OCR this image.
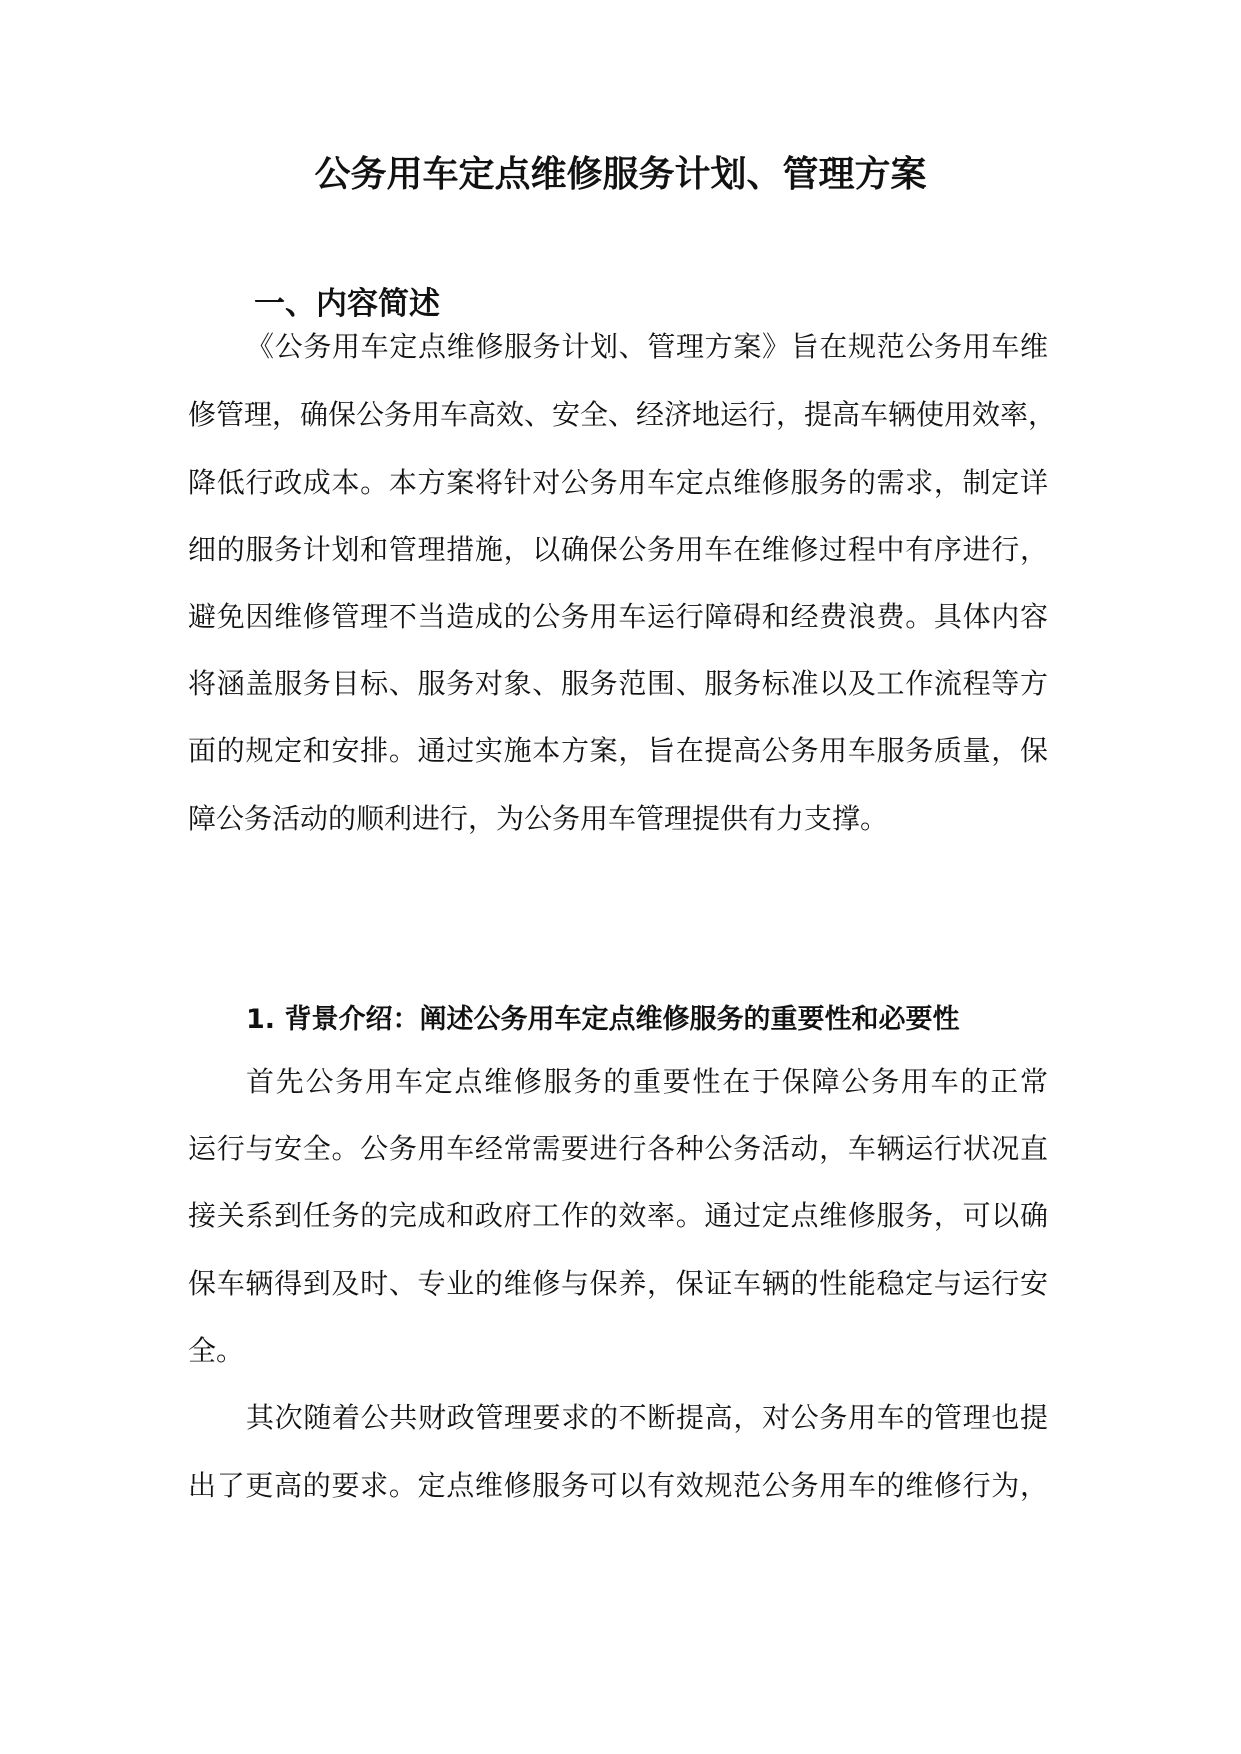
公务用车定点维修服务计划、管理方案
一、内容简述

《公务用车定点维修服务计划、管理方案》旨在规范公务用车维

修管理，确保公务用车高效、安全、经济地运行，提高车辆使用效率，

降低行政成本。本方案将针对公务用车定点维修服务的需求，制定详

细的服务计划和管理措施，以确保公务用车在维修过程中有序进行，

避免因维修管理不当造成的公务用车运行障碍和经费浪费。具体内容

将涵盖服务目标、服务对象、服务范围、服务标准以及工作流程等方

面的规定和安排。通过实施本方案，旨在提高公务用车服务质量，保

障公务活动的顺利进行，为公务用车管理提供有力支撑。

1. 背景介绍：阐述公务用车定点维修服务的重要性和必要性

首先公务用车定点维修服务的重要性在于保障公务用车的正常

运行与安全。公务用车经常需要进行各种公务活动，车辆运行状况直

接关系到任务的完成和政府工作的效率。通过定点维修服务，可以确

保车辆得到及时、专业的维修与保养，保证车辆的性能稳定与运行安

全。

其次随着公共财政管理要求的不断提高，对公务用车的管理也提

出了更高的要求。定点维修服务可以有效规范公务用车的维修行为，
